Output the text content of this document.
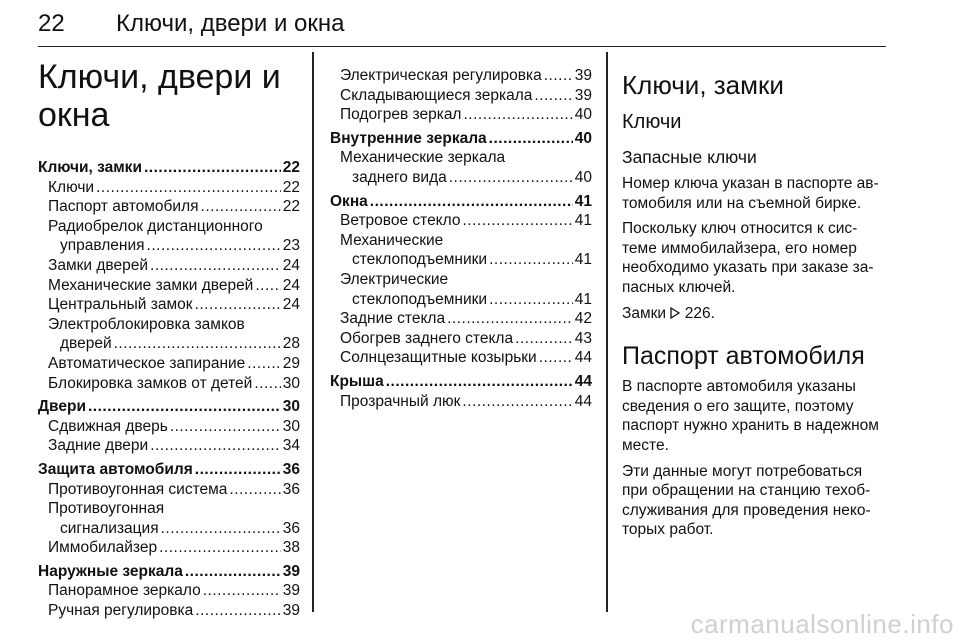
22 Ключи, двери и окна
Ключи, двери и
окна
Ключи, замки .....	22
Ключи .....	22
Паспорт автомобиля .....	22
Радиобрелок дистанционного
управления .....	23
Замки дверей .....	24
Механические замки дверей ..... 24
Центральный замок .....	24
Электроблокировка замков
дверей .....	28
Автоматическое запирание ..... 29
Блокировка замков от детей ..... 30
Двери .....	30
Сдвижная дверь .....	30
Задние двери .....	34
Защита автомобиля .....	36
Противоугонная система .....	36
Противоугонная
сигнализация .....	36
Иммобилайзер .....	38
Наружные зеркала .....	39
Панорамное зеркало .....	39
Ручная регулировка .....	39
Электрическая регулировка ..... 39
Складывающиеся зеркала .....	39
Подогрев зеркал .....	40
Внутренние зеркала .....	40
Механические зеркала
заднего вида .....	40
Окна .....	41
Ветровое стекло .....	41
Механические
стеклоподъемники .....	41
Электрические
стеклоподъемники .....	41
Задние стекла .....	42
Обогрев заднего стекла .....	43
Солнцезащитные козырьки ..... 44
Крыша .....	44
Прозрачный люк .....	44
Ключи, замки
Ключи
Запасные ключи

Номер ключа указан в паспорте ав-томобиля или на съемной бирке.

Поскольку ключ относится к сис-теме иммобилайзера, его номер необходимо указать при заказе за-пасных ключей.

Замки 226.

Паспорт автомобиля

В паспорте автомобиля указаны сведения о его защите, поэтому паспорт нужно хранить в надежном месте.

Эти данные могут потребоваться при обращении на станцию техоб-служивания для проведения неко-торых работ.

carmanualsonline.info
